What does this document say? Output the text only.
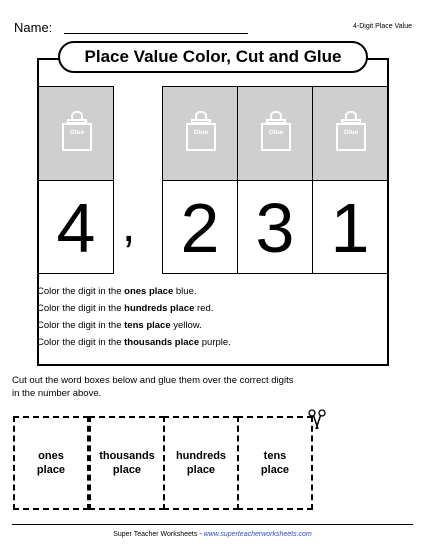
Name:	4-Digit Place Value
Place Value Color, Cut and Glue
Glue
4 ,
Glue
2
Glue
3
Glue
1

Color the digit in the ones place blue.

Color the digit in the hundreds place red.

Color the digit in the tens place yellow.

Color the digit in the thousands place purple.

Cut out the word boxes below and glue them over the correct digits
in the number above.
ones
place
thousands
place
hundreds
place
tens
place
Super Teacher Worksheets - www.superteacherworksheets.com
